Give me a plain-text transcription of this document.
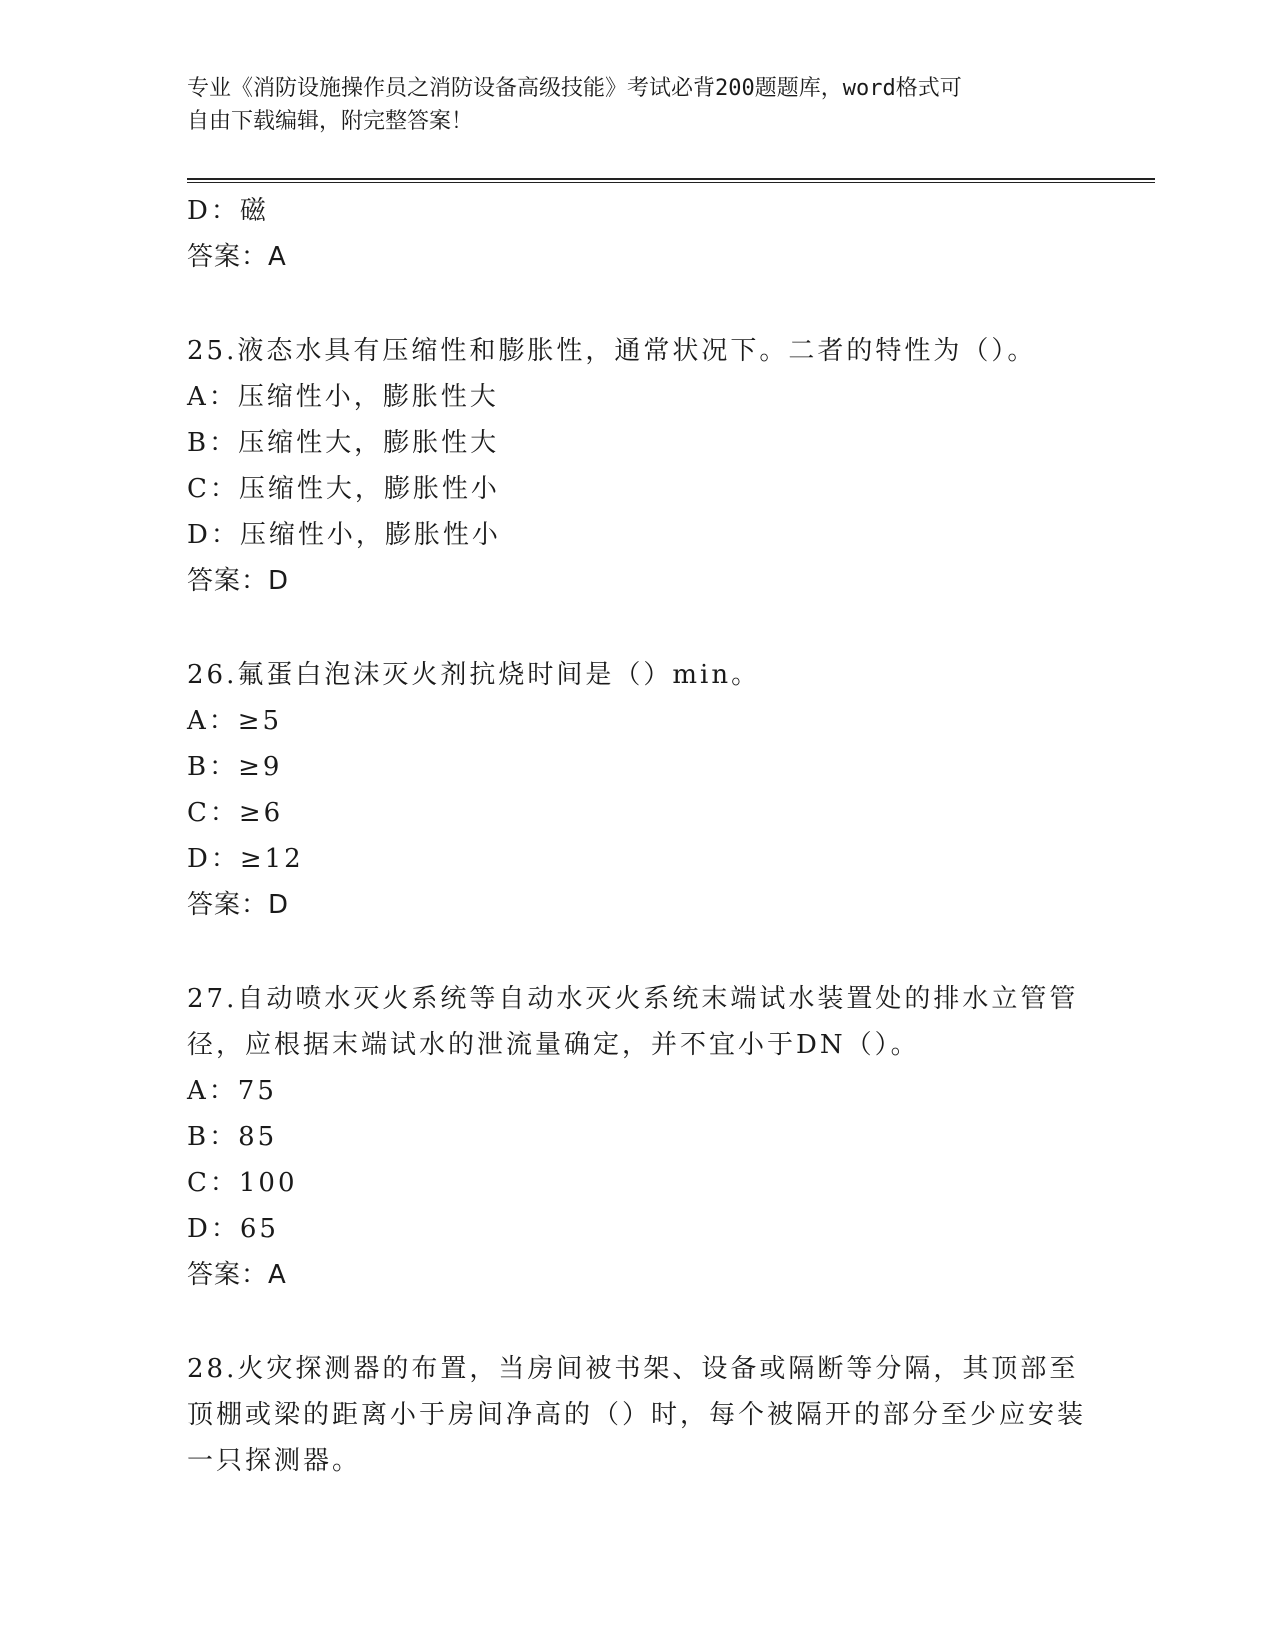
专业《消防设施操作员之消防设备高级技能》考试必背200题题库，word格式可
自由下载编辑，附完整答案！
D：磁
答案：A
25.液态水具有压缩性和膨胀性，通常状况下。二者的特性为（）。
A：压缩性小，膨胀性大
B：压缩性大，膨胀性大
C：压缩性大，膨胀性小
D：压缩性小，膨胀性小
答案：D
26.氟蛋白泡沫灭火剂抗烧时间是（）min。
A：≥5
B：≥9
C：≥6
D：≥12
答案：D
27.自动喷水灭火系统等自动水灭火系统末端试水装置处的排水立管管径，应根据末端试水的泄流量确定，并不宜小于DN（）。
A：75
B：85
C：100
D：65
答案：A
28.火灾探测器的布置，当房间被书架、设备或隔断等分隔，其顶部至顶棚或梁的距离小于房间净高的（）时，每个被隔开的部分至少应安装一只探测器。
